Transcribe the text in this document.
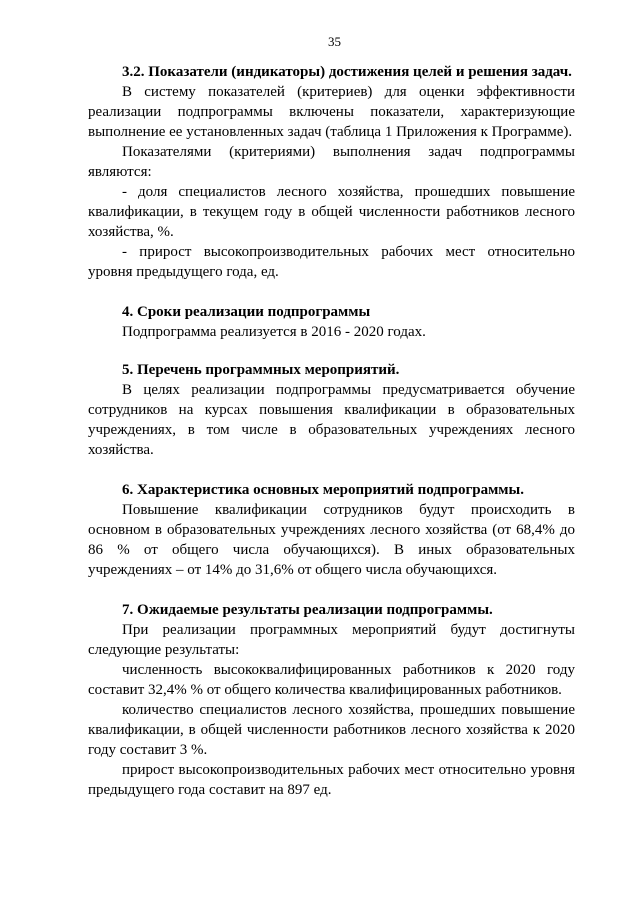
35

3.2. Показатели (индикаторы) достижения целей и решения задач.

В систему показателей (критериев) для оценки эффективности реализации подпрограммы включены показатели, характеризующие выполнение ее установленных задач (таблица 1 Приложения к Программе).

Показателями (критериями) выполнения задач подпрограммы являются:

- доля специалистов лесного хозяйства, прошедших повышение квалификации, в текущем году в общей численности работников лесного хозяйства, %.

- прирост высокопроизводительных рабочих мест относительно уровня предыдущего года, ед.

4. Сроки реализации подпрограммы

Подпрограмма реализуется в 2016 - 2020 годах.

5. Перечень программных мероприятий.

В целях реализации подпрограммы предусматривается обучение сотрудников на курсах повышения квалификации в образовательных учреждениях, в том числе в образовательных учреждениях лесного хозяйства.

6. Характеристика основных мероприятий подпрограммы.

Повышение квалификации сотрудников будут происходить в основном в образовательных учреждениях лесного хозяйства (от 68,4% до 86 % от общего числа обучающихся). В иных образовательных учреждениях – от 14% до 31,6% от общего числа обучающихся.

7. Ожидаемые результаты реализации подпрограммы.

При реализации программных мероприятий будут достигнуты следующие результаты:

численность высококвалифицированных работников к 2020 году составит 32,4% % от общего количества квалифицированных работников.

количество специалистов лесного хозяйства, прошедших повышение квалификации, в общей численности работников лесного хозяйства к 2020 году составит 3 %.

прирост высокопроизводительных рабочих мест относительно уровня предыдущего года составит на 897 ед.
